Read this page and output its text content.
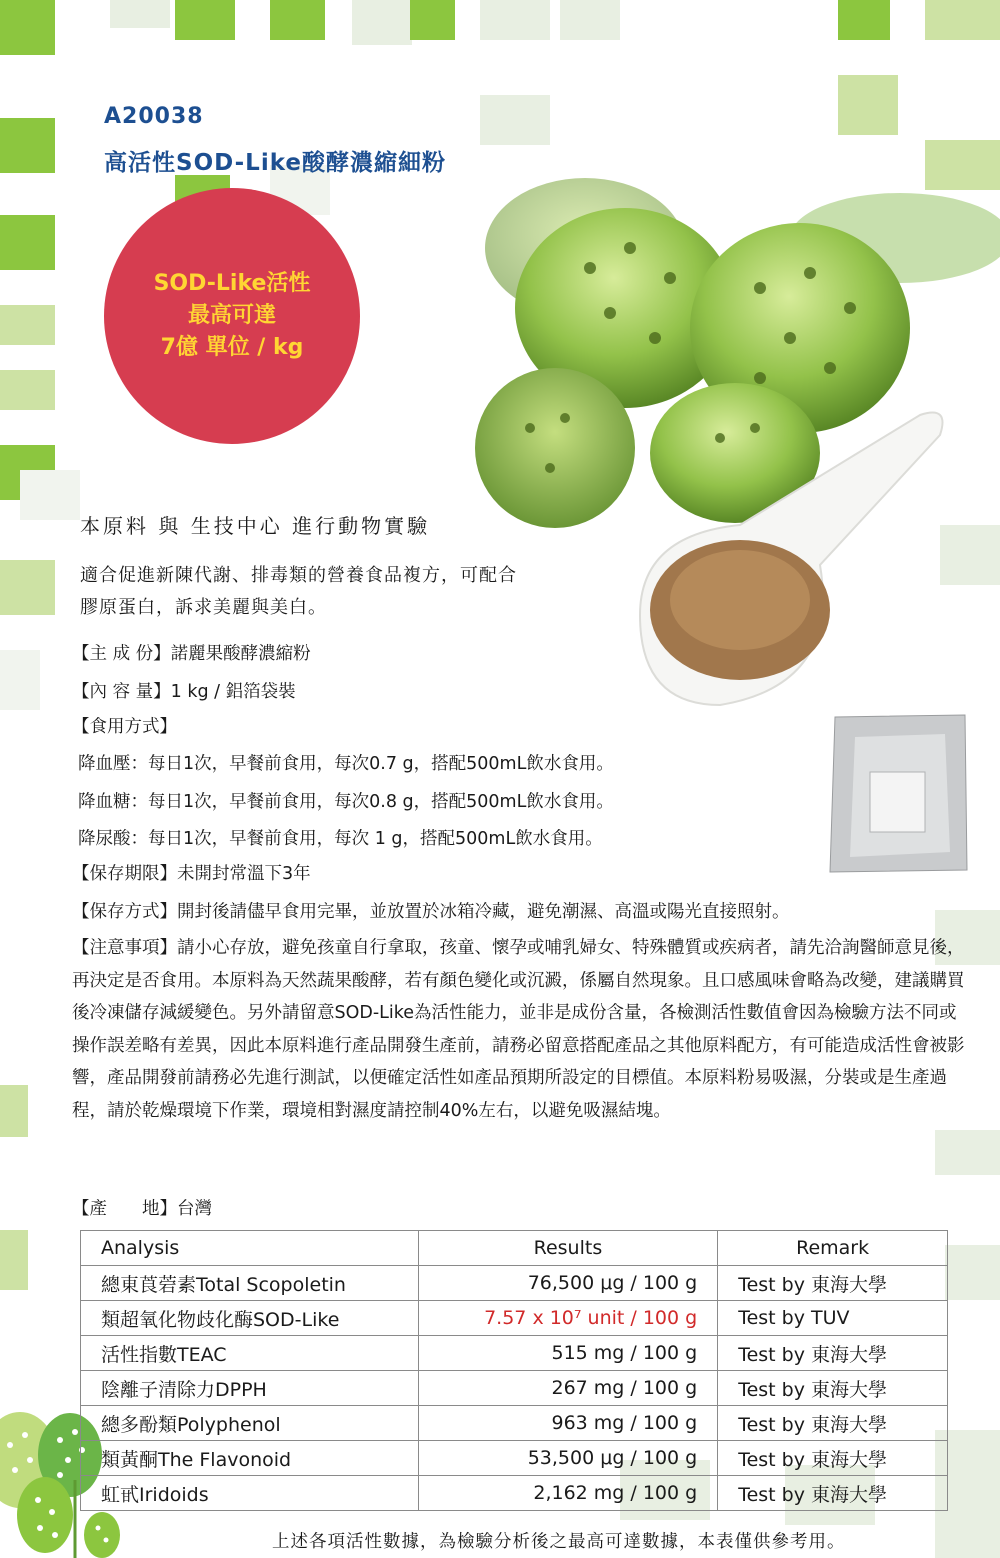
A20038
高活性SOD-Like酸酵濃縮細粉
SOD-Like活性
最高可達
7億 單位 / kg
本原料 與 生技中心 進行動物實驗
適合促進新陳代謝、排毒類的營養食品複方，可配合膠原蛋白，訴求美麗與美白。
【主 成 份】諾麗果酸酵濃縮粉
【內 容 量】1 kg / 鋁箔袋裝
【食用方式】
降血壓：每日1次，早餐前食用，每次0.7 g，搭配500mL飲水食用。
降血糖：每日1次，早餐前食用，每次0.8 g，搭配500mL飲水食用。
降尿酸：每日1次，早餐前食用，每次 1 g，搭配500mL飲水食用。
【保存期限】未開封常溫下3年
【保存方式】開封後請儘早食用完畢，並放置於冰箱冷藏，避免潮濕、高溫或陽光直接照射。
【注意事項】 請小心存放，避免孩童自行拿取，孩童、懷孕或哺乳婦女、特殊體質或疾病者，請先洽詢醫師意見後，再決定是否食用。本原料為天然蔬果酸酵，若有顏色變化或沉澱，係屬自然現象。且口感風味會略為改變，建議購買後冷凍儲存減緩變色。另外請留意SOD-Like為活性能力，並非是成份含量，各檢測活性數值會因為檢驗方法不同或操作誤差略有差異，因此本原料進行產品開發生產前，請務必留意搭配產品之其他原料配方，有可能造成活性會被影響，產品開發前請務必先進行測試，以便確定活性如產品預期所設定的目標值。本原料粉易吸濕，分裝或是生產過程，請於乾燥環境下作業，環境相對濕度請控制40%左右，以避免吸濕結塊。
【產　　地】台灣
Analysis	Results	Remark
總東莨菪素Total Scopoletin	76,500 μg / 100 g	Test by 東海大學
類超氧化物歧化酶SOD-Like	7.57 x 10⁷ unit / 100 g	Test by TUV
活性指數TEAC	515 mg / 100 g	Test by 東海大學
陰離子清除力DPPH	267 mg / 100 g	Test by 東海大學
總多酚類Polyphenol	963 mg / 100 g	Test by 東海大學
類黃酮The Flavonoid	53,500 μg / 100 g	Test by 東海大學
虹甙Iridoids	2,162 mg / 100 g	Test by 東海大學
上述各項活性數據，為檢驗分析後之最高可達數據，本表僅供參考用。
